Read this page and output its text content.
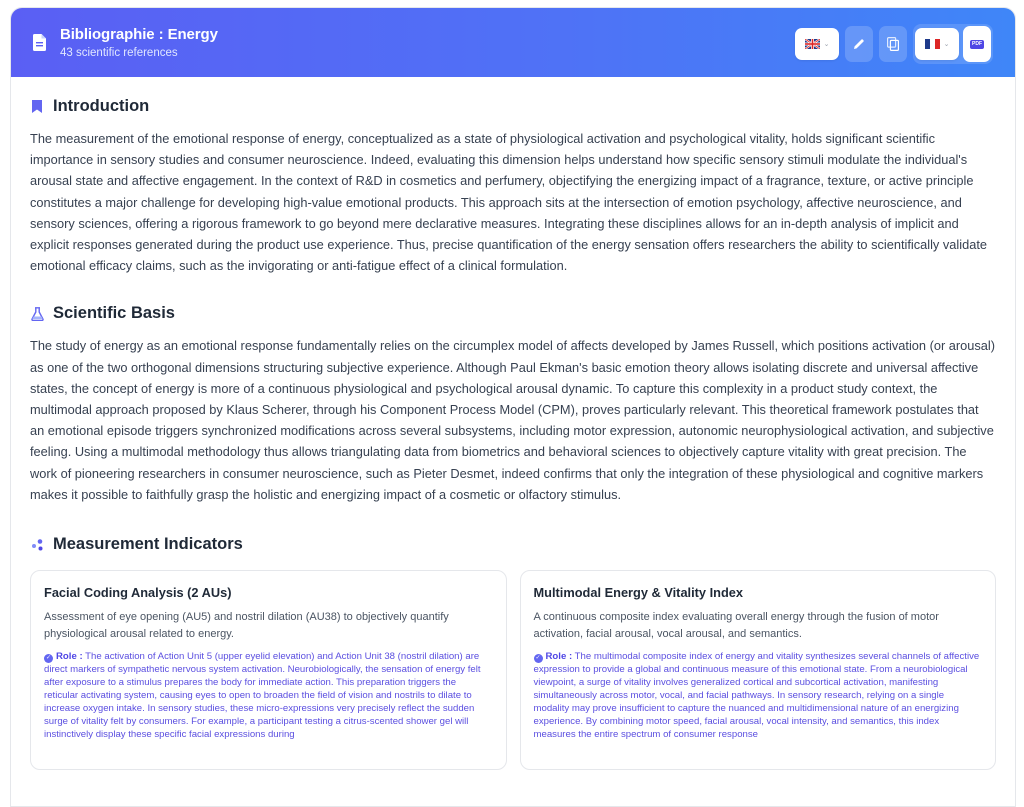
Bibliographie : Energy
43 scientific references
⌄	⌄	PDF
Introduction

The measurement of the emotional response of energy, conceptualized as a state of physiological activation and psychological vitality, holds significant scientific importance in sensory studies and consumer neuroscience. Indeed, evaluating this dimension helps understand how specific sensory stimuli modulate the individual's arousal state and affective engagement. In the context of R&D in cosmetics and perfumery, objectifying the energizing impact of a fragrance, texture, or active principle constitutes a major challenge for developing high-value emotional products. This approach sits at the intersection of emotion psychology, affective neuroscience, and sensory sciences, offering a rigorous framework to go beyond mere declarative measures. Integrating these disciplines allows for an in-depth analysis of implicit and explicit responses generated during the product use experience. Thus, precise quantification of the energy sensation offers researchers the ability to scientifically validate emotional efficacy claims, such as the invigorating or anti-fatigue effect of a clinical formulation.

Scientific Basis

The study of energy as an emotional response fundamentally relies on the circumplex model of affects developed by James Russell, which positions activation (or arousal) as one of the two orthogonal dimensions structuring subjective experience. Although Paul Ekman's basic emotion theory allows isolating discrete and universal affective states, the concept of energy is more of a continuous physiological and psychological arousal dynamic. To capture this complexity in a product study context, the multimodal approach proposed by Klaus Scherer, through his Component Process Model (CPM), proves particularly relevant. This theoretical framework postulates that an emotional episode triggers synchronized modifications across several subsystems, including motor expression, autonomic neurophysiological activation, and subjective feeling. Using a multimodal methodology thus allows triangulating data from biometrics and behavioral sciences to objectively capture vitality with great precision. The work of pioneering researchers in consumer neuroscience, such as Pieter Desmet, indeed confirms that only the integration of these physiological and cognitive markers makes it possible to faithfully grasp the holistic and energizing impact of a cosmetic or olfactory stimulus.

Measurement Indicators
Facial Coding Analysis (2 AUs)
Assessment of eye opening (AU5) and nostril dilation (AU38) to objectively quantify physiological arousal related to energy.
✓ Role : The activation of Action Unit 5 (upper eyelid elevation) and Action Unit 38 (nostril dilation) are direct markers of sympathetic nervous system activation. Neurobiologically, the sensation of energy felt after exposure to a stimulus prepares the body for immediate action. This preparation triggers the reticular activating system, causing eyes to open to broaden the field of vision and nostrils to dilate to increase oxygen intake. In sensory studies, these micro-expressions very precisely reflect the sudden surge of vitality felt by consumers. For example, a participant testing a citrus-scented shower gel will instinctively display these specific facial expressions during
Multimodal Energy & Vitality Index
A continuous composite index evaluating overall energy through the fusion of motor activation, facial arousal, vocal arousal, and semantics.
✓ Role : The multimodal composite index of energy and vitality synthesizes several channels of affective expression to provide a global and continuous measure of this emotional state. From a neurobiological viewpoint, a surge of vitality involves generalized cortical and subcortical activation, manifesting simultaneously across motor, vocal, and facial pathways. In sensory research, relying on a single modality may prove insufficient to capture the nuanced and multidimensional nature of an energizing experience. By combining motor speed, facial arousal, vocal intensity, and semantics, this index measures the entire spectrum of consumer response
